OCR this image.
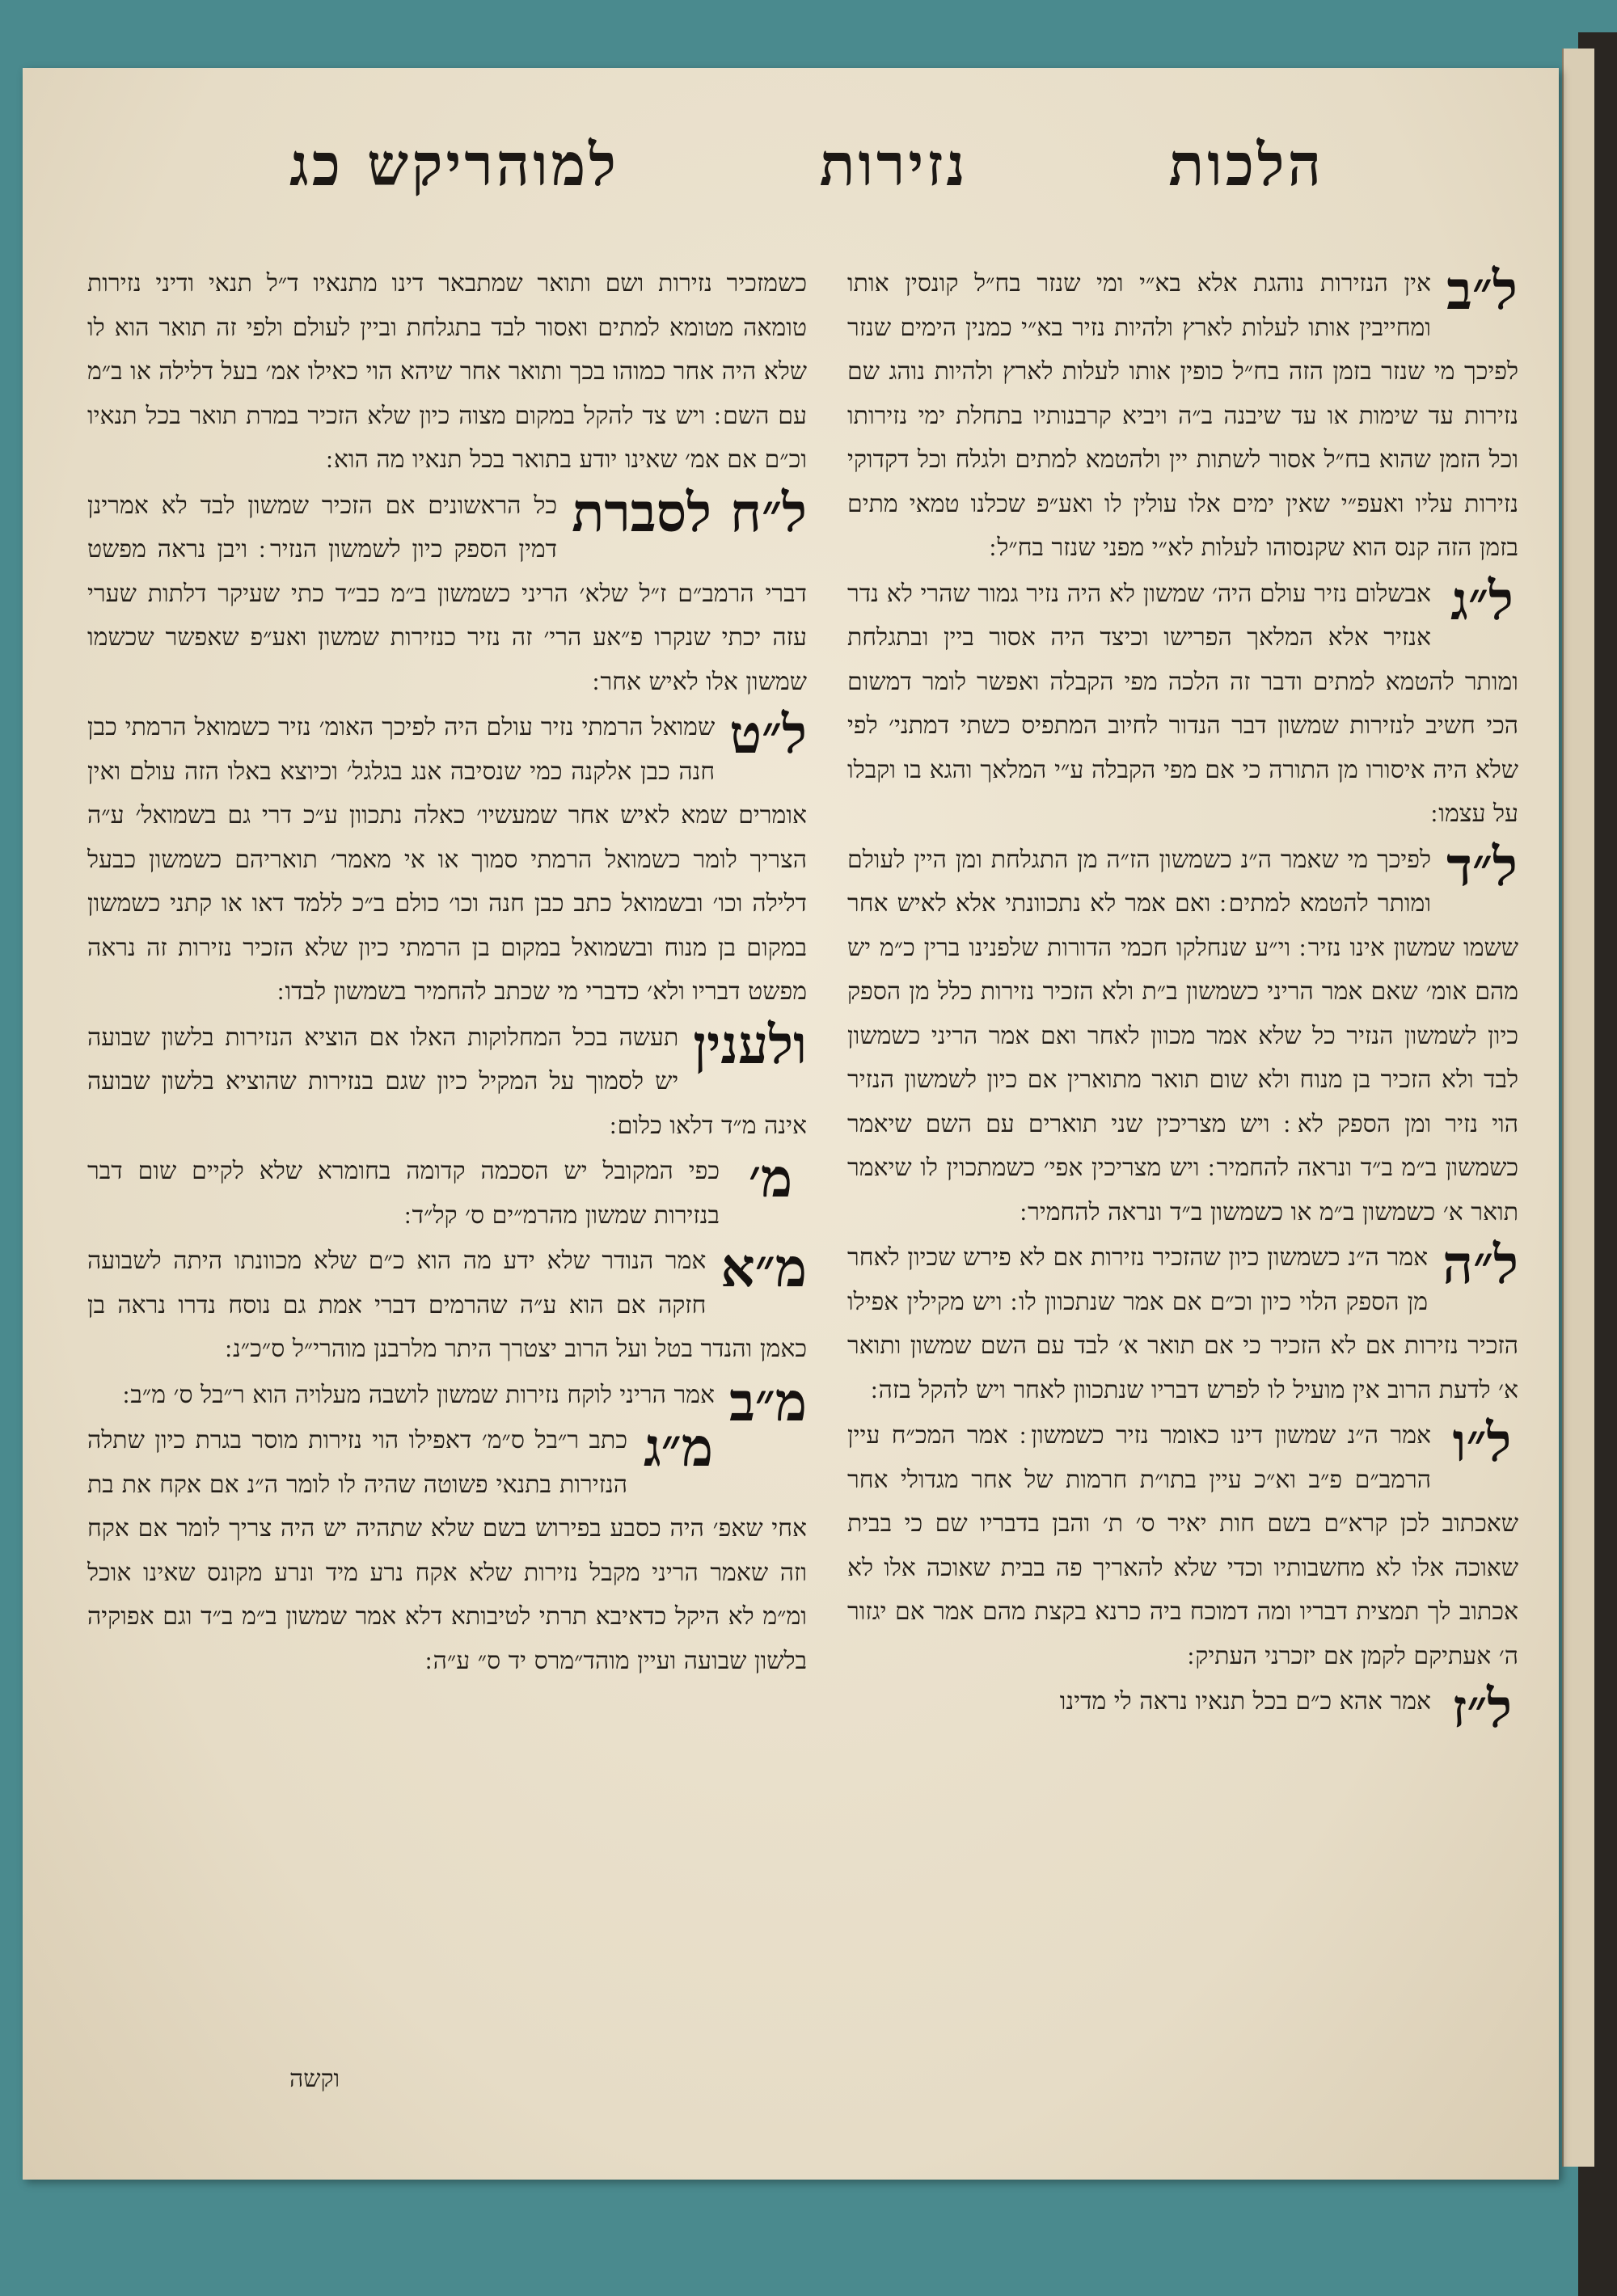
הלכות
נזירות
למוהריקש כג
ל״ב
אין הנזירות נוהגת אלא בא״י ומי שנזר בח״ל קונסין אותו ומחייבין אותו לעלות לארץ ולהיות נזיר בא״י כמנין הימים שנזר לפיכך מי שנזר בזמן הזה בח״ל כופין אותו לעלות לארץ ולהיות נוהג שם נזירות עד שימות או עד שיבנה ב״ה ויביא קרבנותיו בתחלת ימי נזירותו וכל הזמן שהוא בח״ל אסור לשתות יין ולהטמא למתים ולגלח וכל דקדוקי נזירות עליו ואעפ״י שאין ימים אלו עולין לו ואע״פ שכלנו טמאי מתים בזמן הזה קנס הוא שקנסוהו לעלות לא״י מפני שנזר בח״ל ׃
ל״ג
אבשלום נזיר עולם היה׳ שמשון לא היה נזיר גמור שהרי לא נדר אנזיר אלא המלאך הפרישו וכיצד היה אסור ביין ובתגלחת ומותר להטמא למתים ודבר זה הלכה מפי הקבלה ואפשר לומר דמשום הכי חשיב לנזירות שמשון דבר הנדור לחיוב המתפיס כשתי דמתני׳ לפי שלא היה איסורו מן התורה כי אם מפי הקבלה ע״י המלאך והגא בו וקבלו על עצמו ׃
ל״ד
לפיכך מי שאמר ה״נ כשמשון הז״ה מן התגלחת ומן היין לעולם ומותר להטמא למתים ׃ ואם אמר לא נתכוונתי אלא לאיש אחר ששמו שמשון אינו נזיר ׃ וי״ע שנחלקו חכמי הדורות שלפנינו ברין כ״מ יש מהם אומ׳ שאם אמר הריני כשמשון ב״ת ולא הזכיר נזירות כלל מן הספק כיון לשמשון הנזיר כל שלא אמר מכוון לאחר ואם אמר הריני כשמשון לבד ולא הזכיר בן מנוח ולא שום תואר מתוארין אם כיון לשמשון הנזיר הוי נזיר ומן הספק לא ׃ ויש מצריכין שני תוארים עם השם שיאמר כשמשון ב״מ ב״ד ונראה להחמיר ׃ ויש מצריכין אפי׳ כשמתכוין לו שיאמר תואר א׳ כשמשון ב״מ או כשמשון ב״ד ונראה להחמיר ׃
ל״ה
אמר ה״נ כשמשון כיון שהזכיר נזירות אם לא פירש שכיון לאחר מן הספק הלוי כיון וכ״ם אם אמר שנתכוון לו ׃ ויש מקילין אפילו הזכיר נזירות אם לא הזכיר כי אם תואר א׳ לבד עם השם שמשון ותואר א׳ לדעת הרוב אין מועיל לו לפרש דבריו שנתכוון לאחר ויש להקל בזה ׃
ל״ו
אמר ה״נ שמשון דינו כאומר נזיר כשמשון ׃ אמר המכ״ח עיין הרמב״ם פ״ב וא״כ עיין בתו״ת חרמות של אחר מגדולי אחר שאכתוב לכן קרא״ם בשם חות יאיר ס׳ ת׳ והבן בדבריו שם כי בבית שאוכה אלו לא מחשבותיו וכדי שלא להאריך פה בבית שאוכה אלו לא אכתוב לך תמצית דבריו ומה דמוכח ביה כרנא בקצת מהם אמר אם יגזור ה׳ אעתיקם לקמן אם יזכרני העתיק ׃
ל״ז
אמר אהא כ״ם בכל תנאיו נראה לי מדינו
כשמזכיר נזירות ושם ותואר שמתבאר דינו מתנאיו ד״ל תנאי ודיני נזירות טומאה מטומא למתים ואסור לבד בתגלחת וביין לעולם ולפי זה תואר הוא לו שלא היה אחר כמוהו בכך ותואר אחר שיהא הוי כאילו אמ׳ בעל דלילה או ב״מ עם השם ׃ ויש צד להקל במקום מצוה כיון שלא הזכיר במרת תואר בכל תנאיו וכ״ם אם אמ׳ שאינו יודע בתואר בכל תנאיו מה הוא ׃
ל״ח לסברת
כל הראשונים אם הזכיר שמשון לבד לא אמרינן דמין הספק כיון לשמשון הנזיר ׃ ויבן נראה מפשט דברי הרמב״ם ז״ל שלא׳ הריני כשמשון ב״מ כב״ד כתי שעיקר דלתות שערי עזה יכתי שנקרו פ״אע הרי׳ זה נזיר כנזירות שמשון ואע״פ שאפשר שכשמו שמשון אלו לאיש אחר ׃
ל״ט
שמואל הרמתי נזיר עולם היה לפיכך האומ׳ נזיר כשמואל הרמתי כבן חנה כבן אלקנה כמי שנסיבה אנג בגלגל׳ וכיוצא באלו הזה עולם ואין אומרים שמא לאיש אחר שמעשיו׳ כאלה נתכוון ע״כ דרי גם בשמואל׳ ע״ה הצריך לומר כשמואל הרמתי סמוך או אי מאמר׳ תואריהם כשמשון כבעל דלילה וכו׳ ובשמואל כתב כבן חנה וכו׳ כולם ב״כ ללמד דאו או קתני כשמשון במקום בן מנוח ובשמואל במקום בן הרמתי כיון שלא הזכיר נזירות זה נראה מפשט דבריו ולא׳ כדברי מי שכתב להחמיר בשמשון לבדו ׃
ולענין
תעשה בכל המחלוקות האלו אם הוציא הנזירות בלשון שבועה יש לסמוך על המקיל כיון שגם בנזירות שהוציא בלשון שבועה אינה מ״ד דלאו כלום ׃
מ׳
כפי המקובל יש הסכמה קדומה בחומרא שלא לקיים שום דבר בנזירות שמשון מהרמ״ים ס׳ קל״ד ׃
מ״א
אמר הנודר שלא ידע מה הוא כ״ם שלא מכוונתו היתה לשבועה חזקה אם הוא ע״ה שהרמים דברי אמת גם נוסח נדרו נראה בן כאמן והנדר בטל ועל הרוב יצטרך היתר מלרבנן מוהרי״ל ס״כ״נ ׃
מ״ב
אמר הריני לוקח נזירות שמשון לושבה מעלויה הוא ר״בל ס׳ מ״ב ׃
מ״ג
כתב ר״בל ס״מ׳ דאפילו הוי נזירות מוסר בגרת כיון שתלה הנזירות בתנאי פשוטה שהיה לו לומר ה״נ אם אקח את בת אחי שאפ׳ היה כסבע בפירוש בשם שלא שתהיה יש היה צריך לומר אם אקח וזה שאמר הריני מקבל נזירות שלא אקח נרע מיד ונרע מקונס שאינו אוכל ומ״מ לא היקל כדאיבא תרתי לטיבותא דלא אמר שמשון ב״מ ב״ד וגם אפוקיה בלשון שבועה ועיין מוהד״מרס יד ס״ ע״ה ׃
וקשה
